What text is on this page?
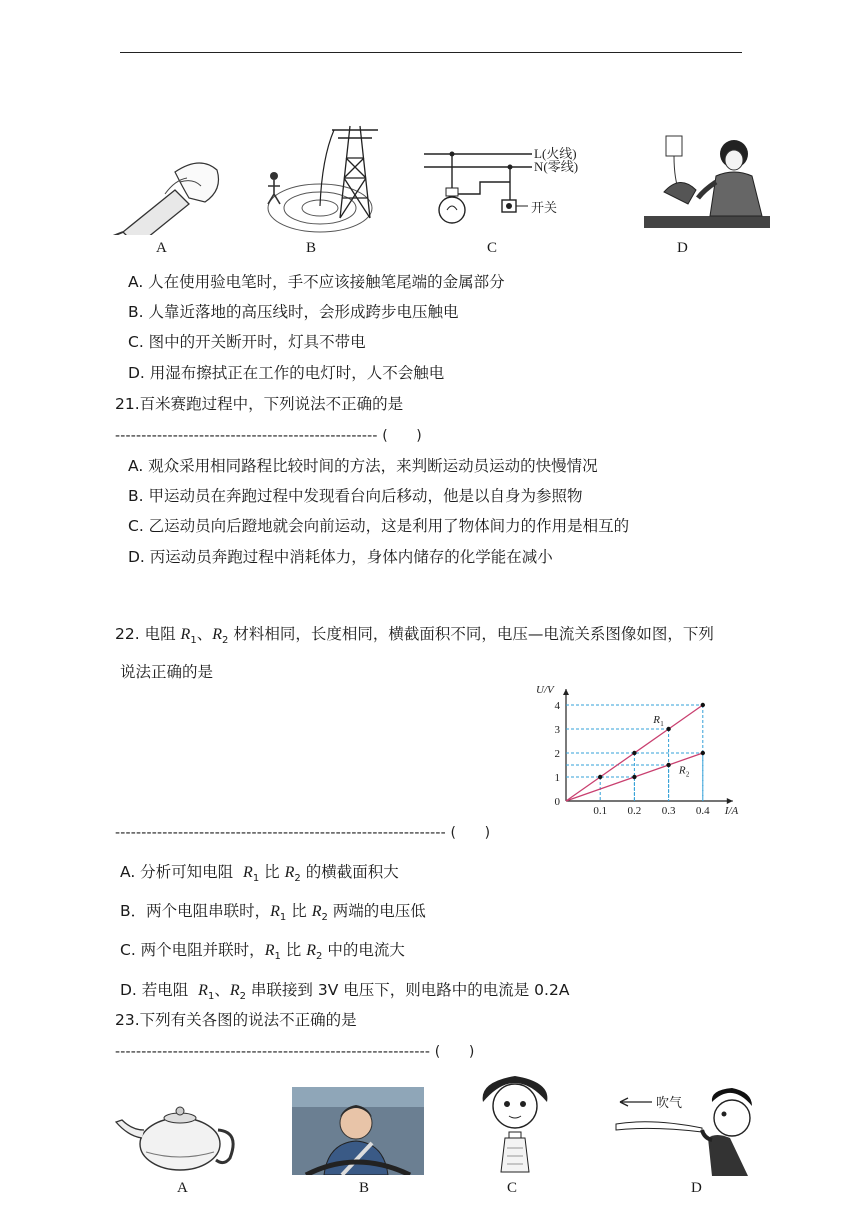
A	B
L(火线)
N(零线)
开关
C	D
A. 人在使用验电笔时，手不应该接触笔尾端的金属部分
B. 人靠近落地的高压线时，会形成跨步电压触电
C. 图中的开关断开时，灯具不带电
D. 用湿布擦拭正在工作的电灯时，人不会触电
21.百米赛跑过程中，下列说法不正确的是
-------------------------------------------------- (　　)
A. 观众采用相同路程比较时间的方法，来判断运动员运动的快慢情况
B. 甲运动员在奔跑过程中发现看台向后移动，他是以自身为参照物
C. 乙运动员向后蹬地就会向前运动，这是利用了物体间力的作用是相互的
D. 丙运动员奔跑过程中消耗体力，身体内储存的化学能在减小
22. 电阻 $R_1$、$R_2$ 材料相同，长度相同，横截面积不同，电压—电流关系图像如图，下列
说法正确的是
0.1 0.2 0.3 0.4
1
2
3
4
0
I/A
U/V
R 1
R 2
--------------------------------------------------------------- (　　)
A. 分析可知电阻 $R_1$ 比 $R_2$ 的横截面积大
B．两个电阻串联时，$R_1$ 比 $R_2$ 两端的电压低
C. 两个电阻并联时，$R_1$ 比 $R_2$ 中的电流大
D. 若电阻 $R_1$、$R_2$ 串联接到 3V 电压下，则电路中的电流是 0.2A
23.下列有关各图的说法不正确的是
------------------------------------------------------------ (　　)
A	B	C
吹气
D
